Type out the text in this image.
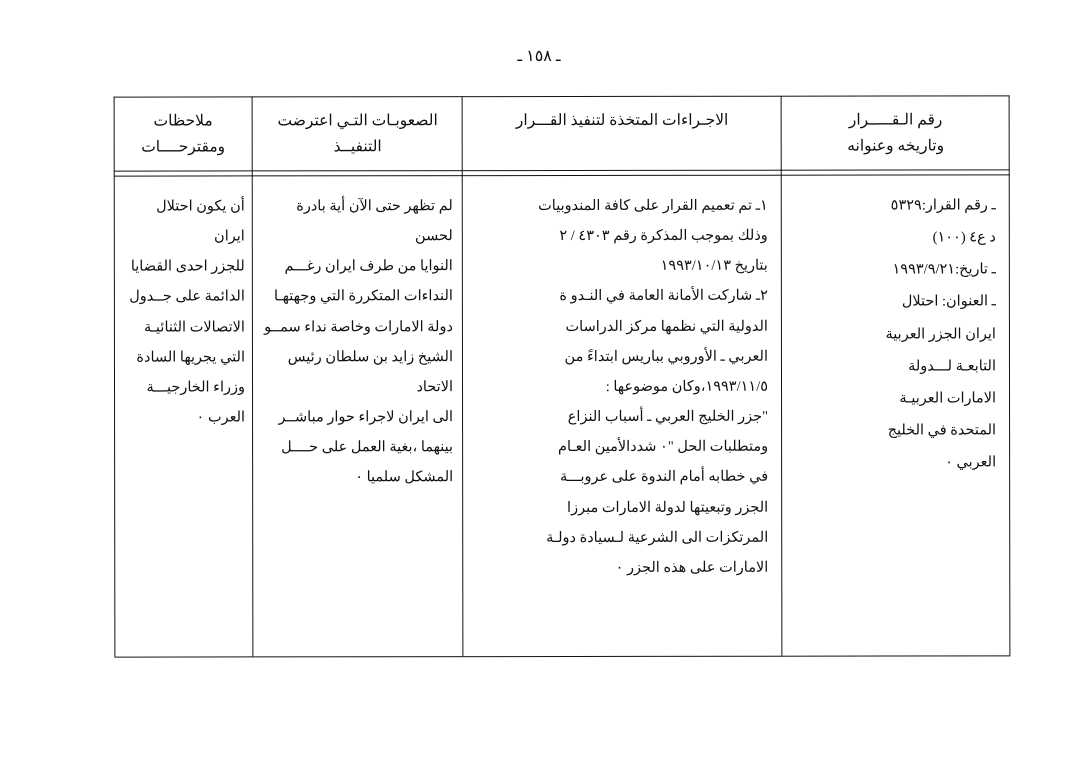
ـ ١٥٨ ـ
رقم الـقـــــرار
وتاريخه وعنوانه

ـ رقم القرار:٥٣٢٩

د ع٤ (١٠٠)

ـ تاريخ:١٩٩٣/٩/٢١

ـ العنوان: احتلال

ايران الجزر العربية

التابعـة لـــدولة

الامارات العربيـة

المتحدة في الخليج

العربي ٠

الاجـراءات المتخذة لتنفيذ القـــرار

١ـ تم تعميم القرار على كافة المندوبيات

وذلك بموجب المذكرة رقم ٤٣٠٣ / ٢

بتاريخ ١٩٩٣/١٠/١٣

٢ـ شاركت الأمانة العامة في النـدو ة

الدولية التي نظمها مركز الدراسات

العربي ـ الأوروبي بباريس ابتداءً من

١٩٩٣/١١/٥،وكان موضوعها :

"جزر الخليج العربي ـ أسباب النزاع

ومتطلبات الحل "٠ شددالأمين العـام

في خطابه أمام الندوة على عروبـــة

الجزر وتبعيتها لدولة الامارات مبرزا

المرتكزات الى الشرعية لـسيادة دولـة

الامارات على هذه الجزر ٠

الصعوبـات التـي اعترضت التنفيــذ

لم تظهر حتى الآن أية بادرة لحسن

النوايا من طرف ايران رغـــم

النداءات المتكررة التي وجهتهـا

دولة الامارات وخاصة نداء سمــو

الشيخ زايد بن سلطان رئيس الاتحاد

الى ايران لاجراء حوار مباشــر

بينهما ،بغية العمل على حــــل

المشكل سلميا ٠

ملاحظات ومقترحــــات

أن يكون احتلال ايران

للجزر احدى القضايا

الدائمة على جــدول

الاتصالات الثنائيـة

التي يجريها السادة

وزراء الخارجيـــة

العرب ٠
